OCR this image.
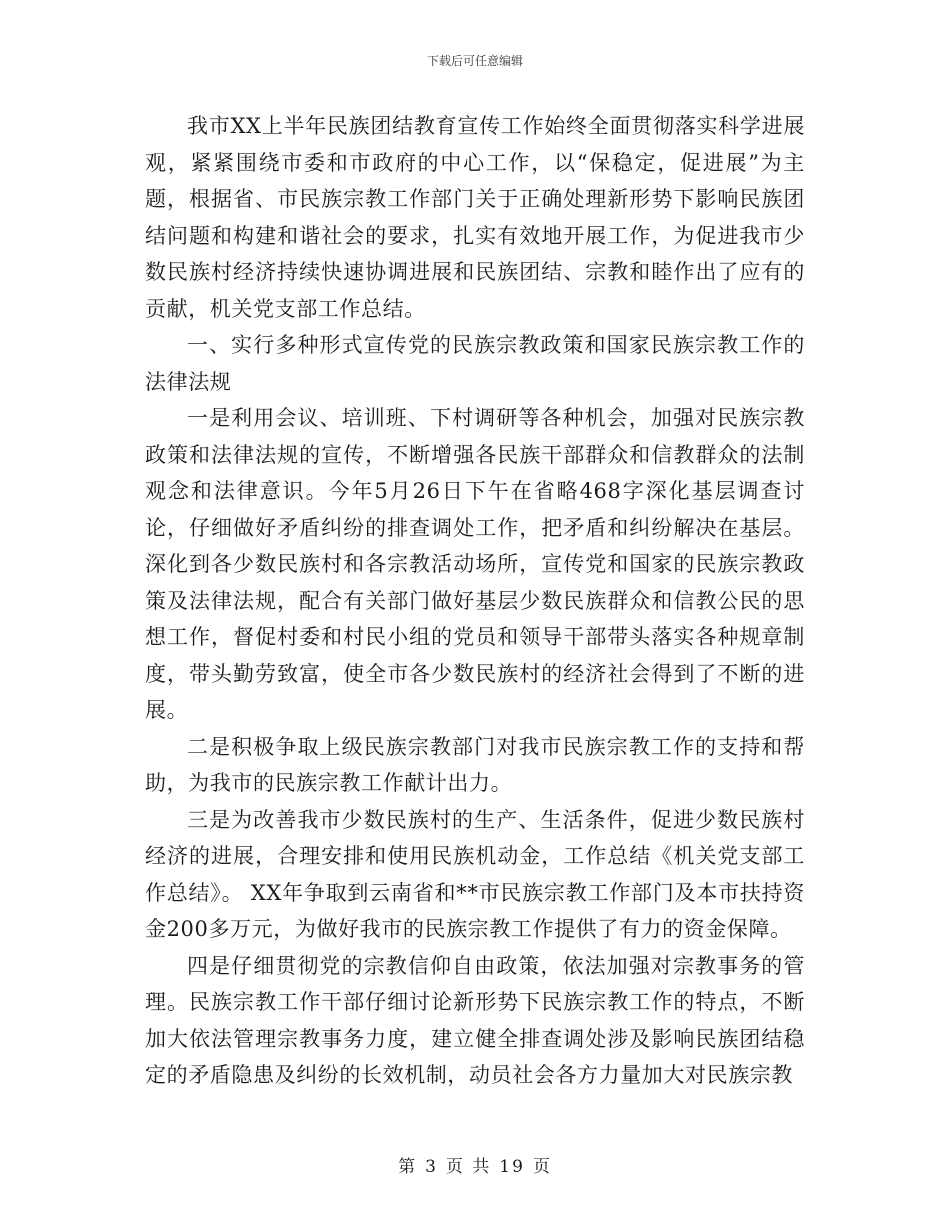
下载后可任意编辑

我市XX上半年民族团结教育宣传工作始终全面贯彻落实科学进展观，紧紧围绕市委和市政府的中心工作，以“保稳定，促进展”为主题，根据省、市民族宗教工作部门关于正确处理新形势下影响民族团结问题和构建和谐社会的要求，扎实有效地开展工作，为促进我市少数民族村经济持续快速协调进展和民族团结、宗教和睦作出了应有的贡献，机关党支部工作总结。

一、实行多种形式宣传党的民族宗教政策和国家民族宗教工作的法律法规

一是利用会议、培训班、下村调研等各种机会，加强对民族宗教政策和法律法规的宣传，不断增强各民族干部群众和信教群众的法制观念和法律意识。今年5月26日下午在省略468字深化基层调查讨论，仔细做好矛盾纠纷的排查调处工作，把矛盾和纠纷解决在基层。深化到各少数民族村和各宗教活动场所，宣传党和国家的民族宗教政策及法律法规，配合有关部门做好基层少数民族群众和信教公民的思想工作，督促村委和村民小组的党员和领导干部带头落实各种规章制度，带头勤劳致富，使全市各少数民族村的经济社会得到了不断的进展。

二是积极争取上级民族宗教部门对我市民族宗教工作的支持和帮助，为我市的民族宗教工作献计出力。

三是为改善我市少数民族村的生产、生活条件，促进少数民族村经济的进展，合理安排和使用民族机动金，工作总结《机关党支部工作总结》。 XX年争取到云南省和**市民族宗教工作部门及本市扶持资金200多万元，为做好我市的民族宗教工作提供了有力的资金保障。

四是仔细贯彻党的宗教信仰自由政策，依法加强对宗教事务的管理。民族宗教工作干部仔细讨论新形势下民族宗教工作的特点，不断加大依法管理宗教事务力度，建立健全排查调处涉及影响民族团结稳定的矛盾隐患及纠纷的长效机制，动员社会各方力量加大对民族宗教

第 3 页 共 19 页
